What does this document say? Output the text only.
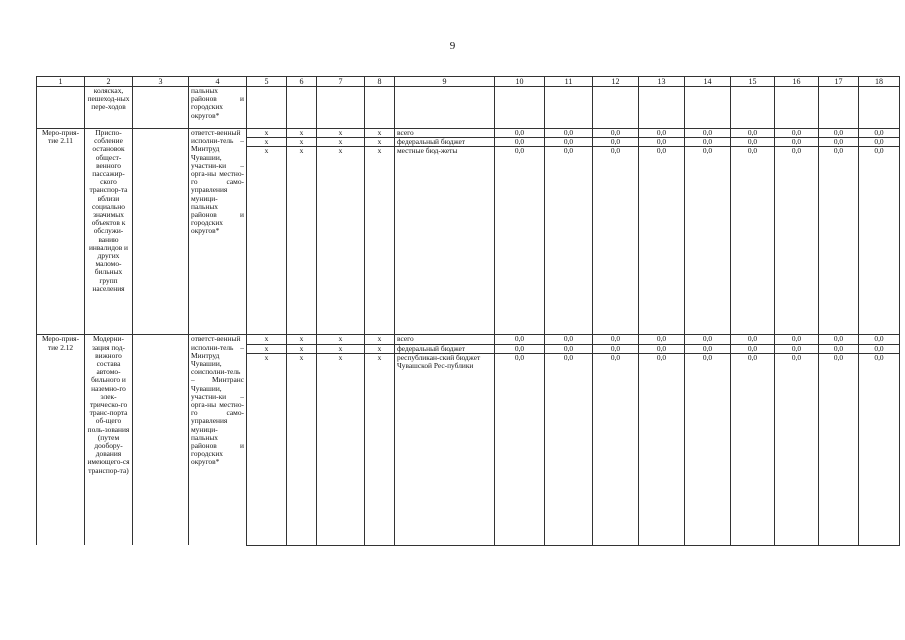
9
1	2	3	4	5	6	7	8	9	10	11	12	13	14	15	16	17	18
	колясках, пешеход-ных пере-ходов		пальных районов и городских округов*														
Меро-прия-тие 2.11	Приспо-собление остановок общест-венного пассажир-ского транспор-та вблизи социально значимых объектов к обслужи-ванию инвалидов и других маломо-бильных групп населения		ответст-венный исполни-тель – Минтруд Чувашии, участни-ки – орга-ны местно-го само-управления муници-пальных районов и городских округов*	х	х	х	х	всего	0,0	0,0	0,0	0,0	0,0	0,0	0,0	0,0	0,0
				х	х	х	х	федеральный бюджет	0,0	0,0	0,0	0,0	0,0	0,0	0,0	0,0	0,0
				х	х	х	х	местные бюд-жеты	0,0	0,0	0,0	0,0	0,0	0,0	0,0	0,0	0,0
Меро-прия-тие 2.12	Модерни-зация под-вижного состава автомо-бильного и наземно-го элек-трическо-го транс-порта об-щего поль-зования (путем дообору-дования имеющего-ся транспор-та)		ответст-венный исполни-тель – Минтруд Чувашии, соисполни-тель – Минтранс Чувашии, участни-ки – орга-ны местно-го само-управления муници-пальных районов и городских округов*	х	х	х	х	всего	0,0	0,0	0,0	0,0	0,0	0,0	0,0	0,0	0,0
				х	х	х	х	федеральный бюджет	0,0	0,0	0,0	0,0	0,0	0,0	0,0	0,0	0,0
				х	х	х	х	республикан-ский бюджет Чувашской Рес-публики	0,0	0,0	0,0	0,0	0,0	0,0	0,0	0,0	0,0
